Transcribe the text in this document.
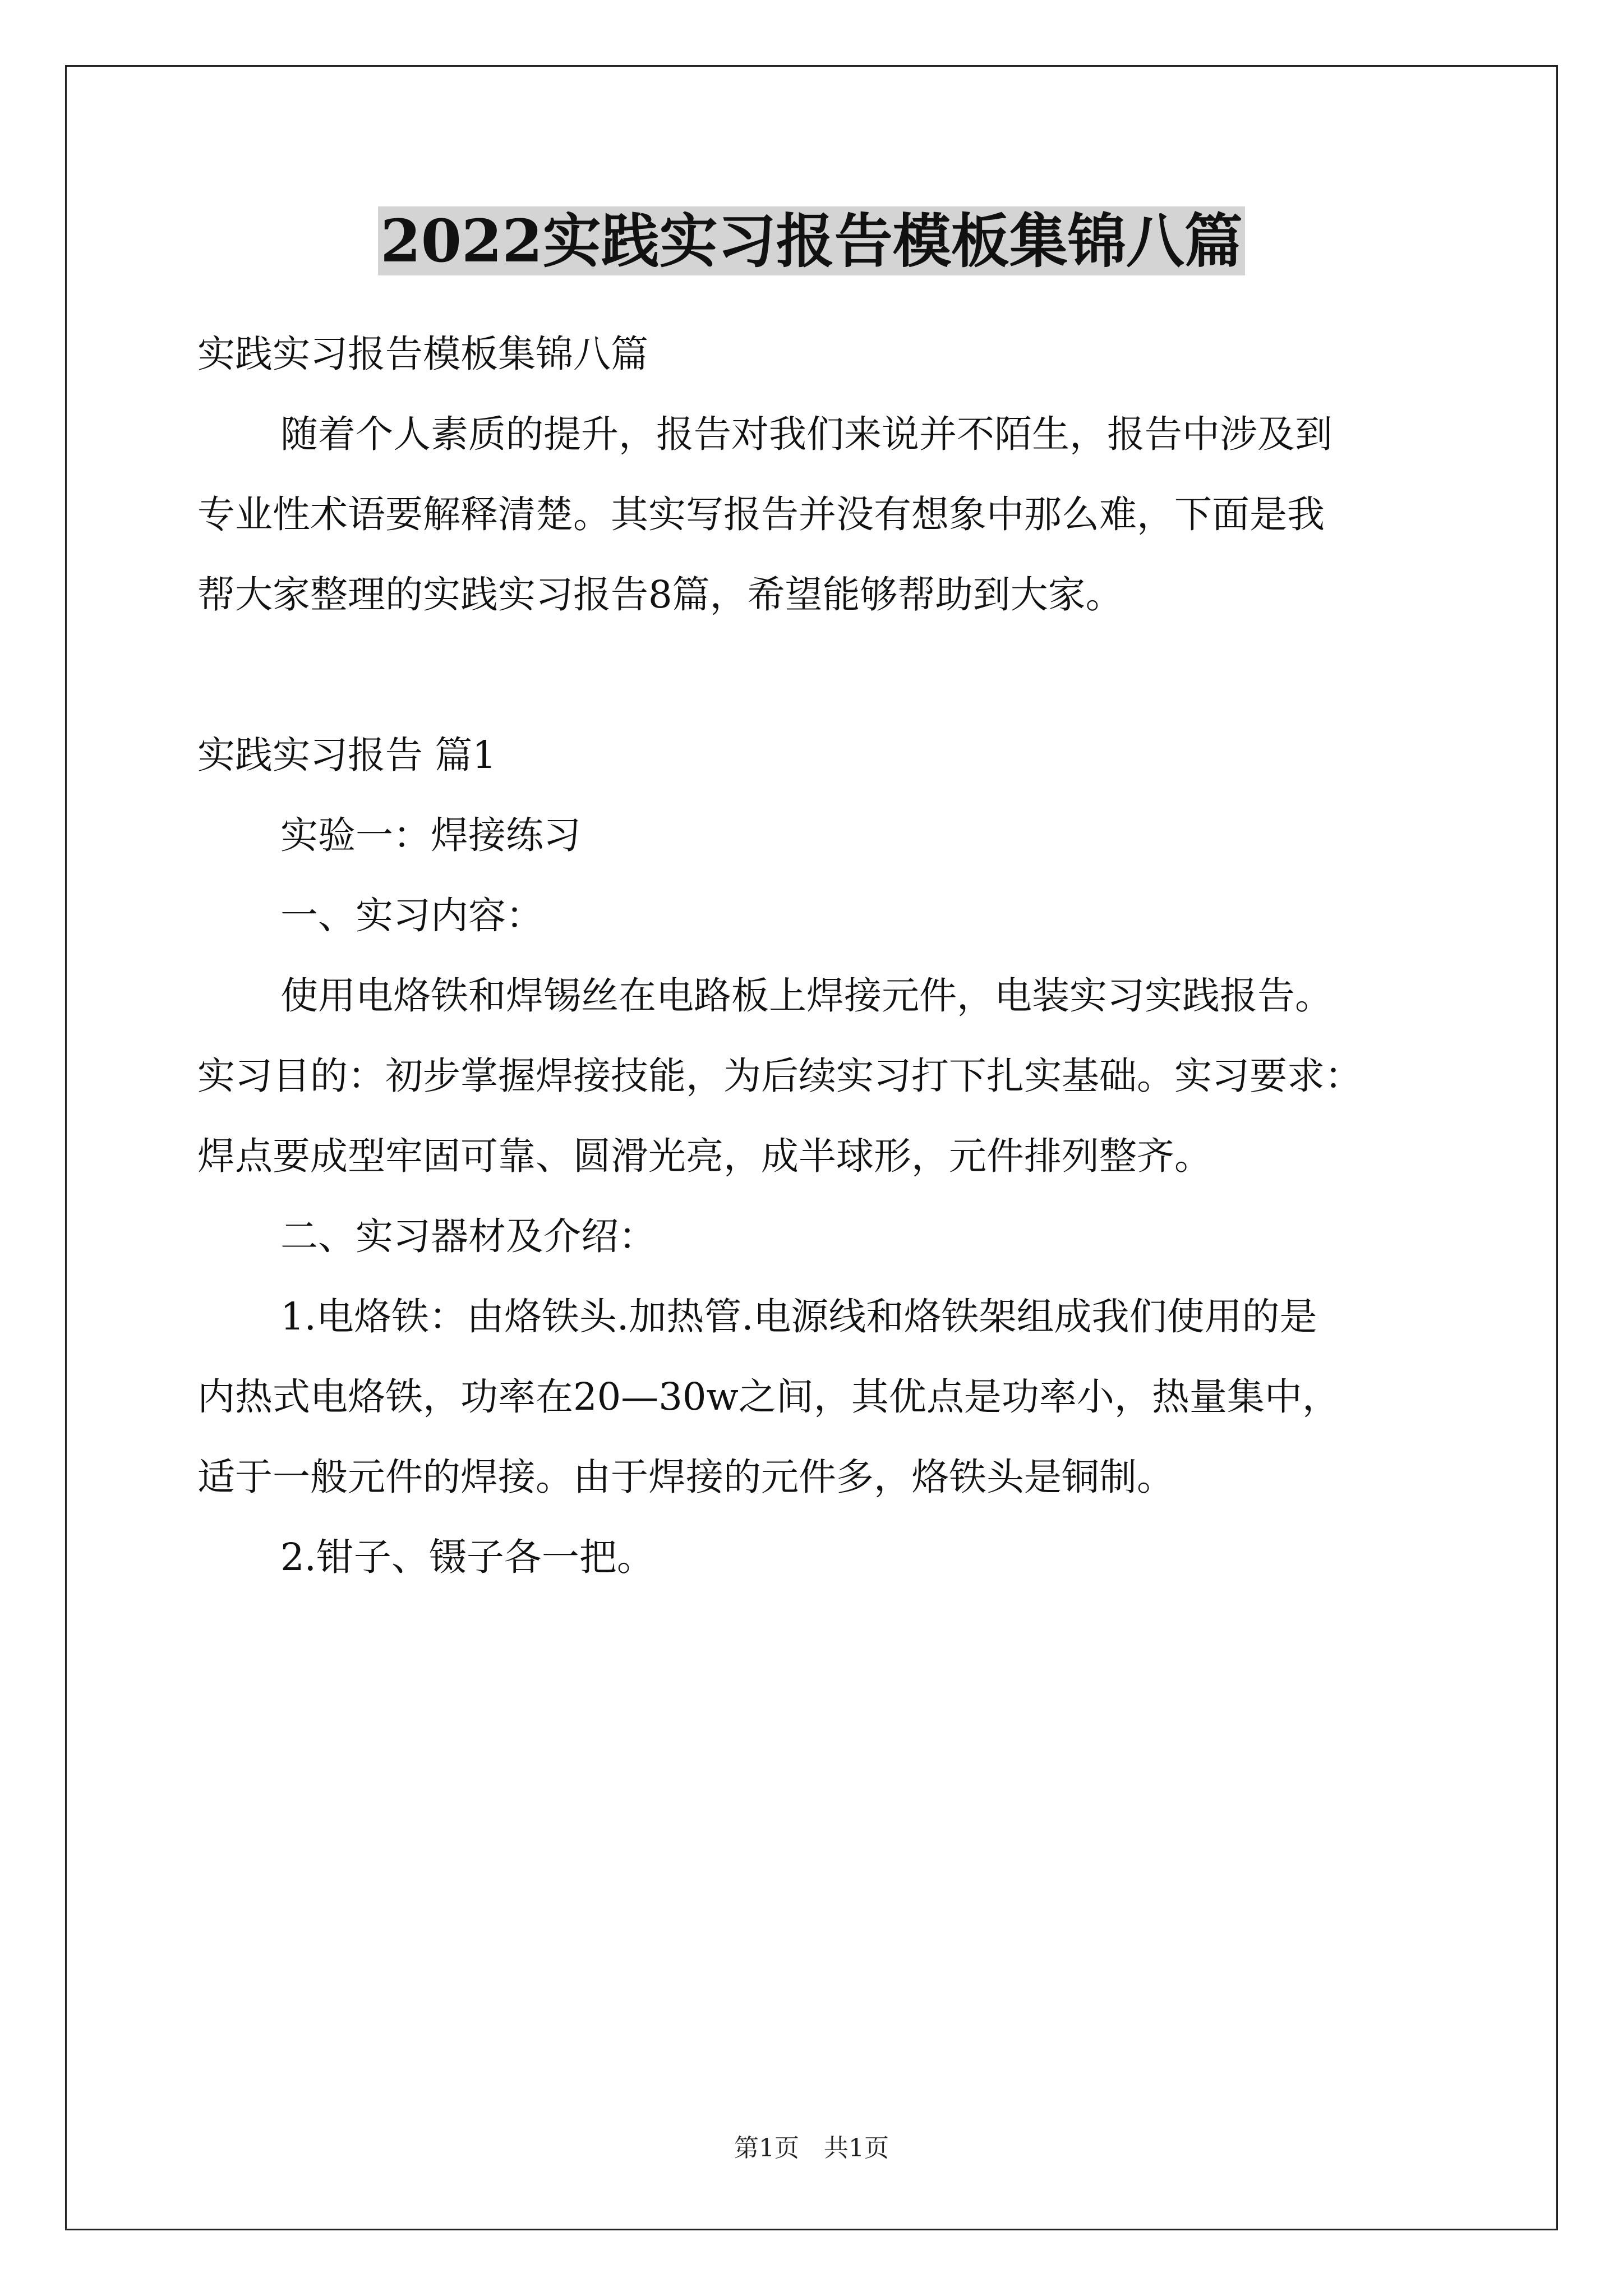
2022实践实习报告模板集锦八篇

实践实习报告模板集锦八篇

随着个人素质的提升，报告对我们来说并不陌生，报告中涉及到

专业性术语要解释清楚。其实写报告并没有想象中那么难，下面是我

帮大家整理的实践实习报告8篇，希望能够帮助到大家。

实践实习报告 篇1

实验一：焊接练习

一、实习内容：

使用电烙铁和焊锡丝在电路板上焊接元件，电装实习实践报告。

实习目的：初步掌握焊接技能，为后续实习打下扎实基础。实习要求：

焊点要成型牢固可靠、圆滑光亮，成半球形，元件排列整齐。

二、实习器材及介绍：

1.电烙铁：由烙铁头.加热管.电源线和烙铁架组成我们使用的是

内热式电烙铁，功率在20—30w之间，其优点是功率小，热量集中，

适于一般元件的焊接。由于焊接的元件多，烙铁头是铜制。

2.钳子、镊子各一把。

第1页　共1页
